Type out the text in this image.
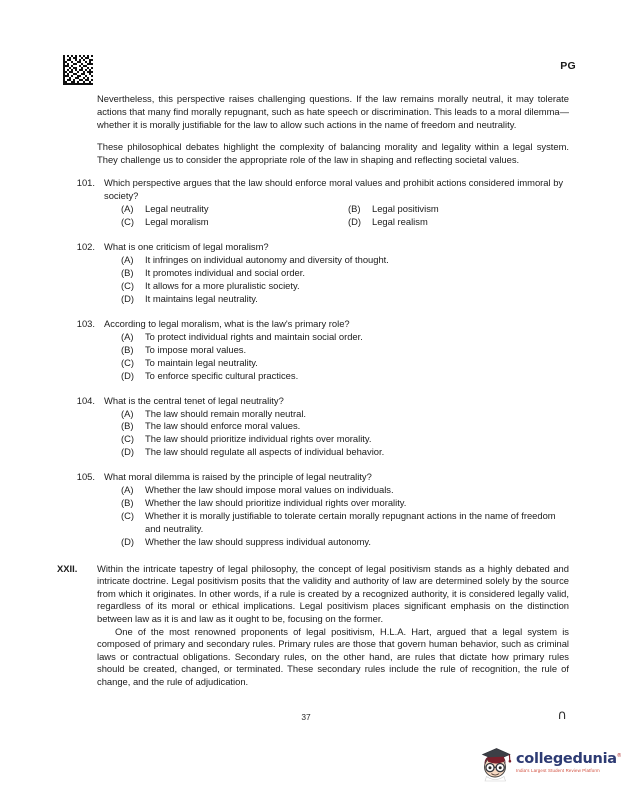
PG

Nevertheless, this perspective raises challenging questions. If the law remains morally neutral, it may tolerate actions that many find morally repugnant, such as hate speech or discrimination. This leads to a moral dilemma—whether it is morally justifiable for the law to allow such actions in the name of freedom and neutrality.

These philosophical debates highlight the complexity of balancing morality and legality within a legal system. They challenge us to consider the appropriate role of the law in shaping and reflecting societal values.

101. Which perspective argues that the law should enforce moral values and prohibit actions considered immoral by society?
(A)	Legal neutrality	(B)	Legal positivism
(C)	Legal moralism	(D)	Legal realism
102. What is one criticism of legal moralism?
(A)	It infringes on individual autonomy and diversity of thought.
(B)	It promotes individual and social order.
(C)	It allows for a more pluralistic society.
(D)	It maintains legal neutrality.
103. According to legal moralism, what is the law's primary role?
(A)	To protect individual rights and maintain social order.
(B)	To impose moral values.
(C)	To maintain legal neutrality.
(D)	To enforce specific cultural practices.
104. What is the central tenet of legal neutrality?
(A)	The law should remain morally neutral.
(B)	The law should enforce moral values.
(C)	The law should prioritize individual rights over morality.
(D)	The law should regulate all aspects of individual behavior.
105. What moral dilemma is raised by the principle of legal neutrality?
(A)	Whether the law should impose moral values on individuals.
(B)	Whether the law should prioritize individual rights over morality.
(C)	Whether it is morally justifiable to tolerate certain morally repugnant actions in the name of freedom and neutrality.
(D)	Whether the law should suppress individual autonomy.
XXII.	Within the intricate tapestry of legal philosophy, the concept of legal positivism stands as a highly debated and intricate doctrine. Legal positivism posits that the validity and authority of law are determined solely by the source from which it originates. In other words, if a rule is created by a recognized authority, it is considered legally valid, regardless of its moral or ethical implications. Legal positivism places significant emphasis on the distinction between law as it is and law as it ought to be, focusing on the former.

One of the most renowned proponents of legal positivism, H.L.A. Hart, argued that a legal system is composed of primary and secondary rules. Primary rules are those that govern human behavior, such as criminal laws or contractual obligations. Secondary rules, on the other hand, are rules that dictate how primary rules should be created, changed, or terminated. These secondary rules include the rule of recognition, the rule of change, and the rule of adjudication.

37	∩
collegedunia®
India's Largest Student Review Platform
